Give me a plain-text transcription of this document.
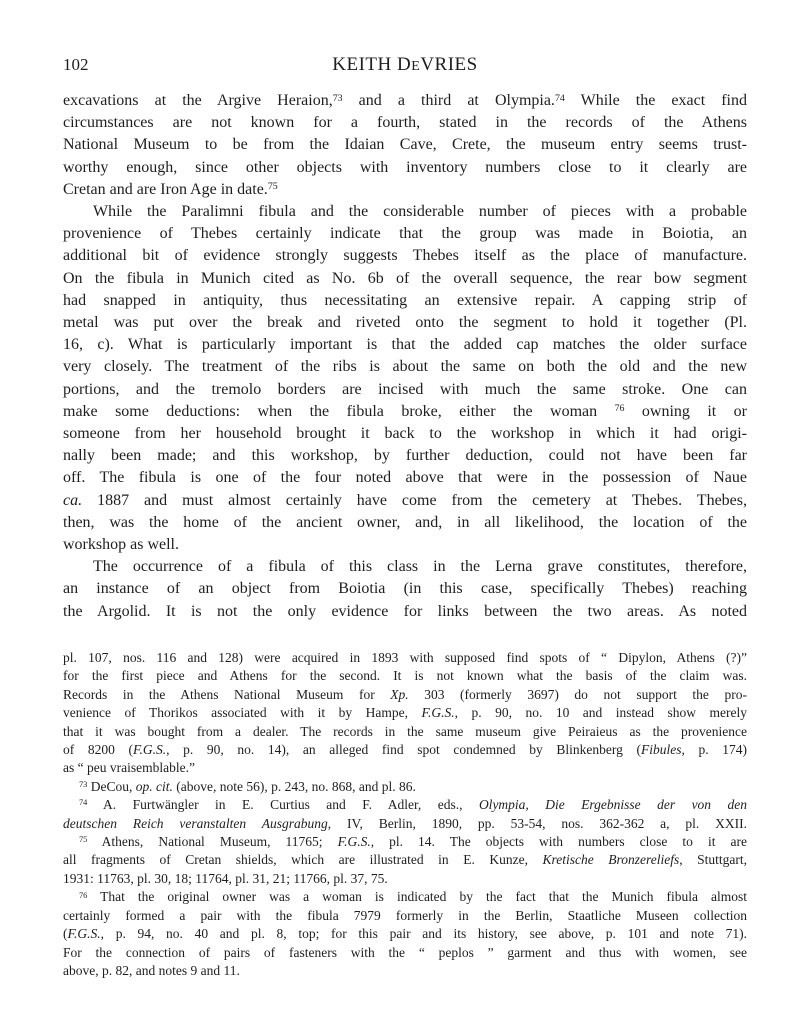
102	KEITH DEVRIES
excavations at the Argive Heraion,$^{73}$ and a third at Olympia.$^{74}$ While the exact find
circumstances are not known for a fourth, stated in the records of the Athens
National Museum to be from the Idaian Cave, Crete, the museum entry seems trust-
worthy enough, since other objects with inventory numbers close to it clearly are
Cretan and are Iron Age in date.$^{75}$
While the Paralimni fibula and the considerable number of pieces with a probable
provenience of Thebes certainly indicate that the group was made in Boiotia, an
additional bit of evidence strongly suggests Thebes itself as the place of manufacture.
On the fibula in Munich cited as No. 6b of the overall sequence, the rear bow segment
had snapped in antiquity, thus necessitating an extensive repair. A capping strip of
metal was put over the break and riveted onto the segment to hold it together (Pl.
16, c). What is particularly important is that the added cap matches the older surface
very closely. The treatment of the ribs is about the same on both the old and the new
portions, and the tremolo borders are incised with much the same stroke. One can
make some deductions: when the fibula broke, either the woman $^{76}$ owning it or
someone from her household brought it back to the workshop in which it had origi-
nally been made; and this workshop, by further deduction, could not have been far
off. The fibula is one of the four noted above that were in the possession of Naue
ca. 1887 and must almost certainly have come from the cemetery at Thebes. Thebes,
then, was the home of the ancient owner, and, in all likelihood, the location of the
workshop as well.
The occurrence of a fibula of this class in the Lerna grave constitutes, therefore,
an instance of an object from Boiotia (in this case, specifically Thebes) reaching
the Argolid. It is not the only evidence for links between the two areas. As noted
pl. 107, nos. 116 and 128) were acquired in 1893 with supposed find spots of “ Dipylon, Athens (?)”
for the first piece and Athens for the second. It is not known what the basis of the claim was.
Records in the Athens National Museum for Xp. 303 (formerly 3697) do not support the pro-
venience of Thorikos associated with it by Hampe, F.G.S., p. 90, no. 10 and instead show merely
that it was bought from a dealer. The records in the same museum give Peiraieus as the provenience
of 8200 (F.G.S., p. 90, no. 14), an alleged find spot condemned by Blinkenberg (Fibules, p. 174)
as “ peu vraisemblable.”
$^{73}$ DeCou, op. cit. (above, note 56), p. 243, no. 868, and pl. 86.
$^{74}$ A. Furtwängler in E. Curtius and F. Adler, eds., Olympia, Die Ergebnisse der von den
deutschen Reich veranstalten Ausgrabung, IV, Berlin, 1890, pp. 53-54, nos. 362-362 a, pl. XXII.
$^{75}$ Athens, National Museum, 11765; F.G.S., pl. 14. The objects with numbers close to it are
all fragments of Cretan shields, which are illustrated in E. Kunze, Kretische Bronzereliefs, Stuttgart,
1931: 11763, pl. 30, 18; 11764, pl. 31, 21; 11766, pl. 37, 75.
$^{76}$ That the original owner was a woman is indicated by the fact that the Munich fibula almost
certainly formed a pair with the fibula 7979 formerly in the Berlin, Staatliche Museen collection
(F.G.S., p. 94, no. 40 and pl. 8, top; for this pair and its history, see above, p. 101 and note 71).
For the connection of pairs of fasteners with the “ peplos ” garment and thus with women, see
above, p. 82, and notes 9 and 11.
